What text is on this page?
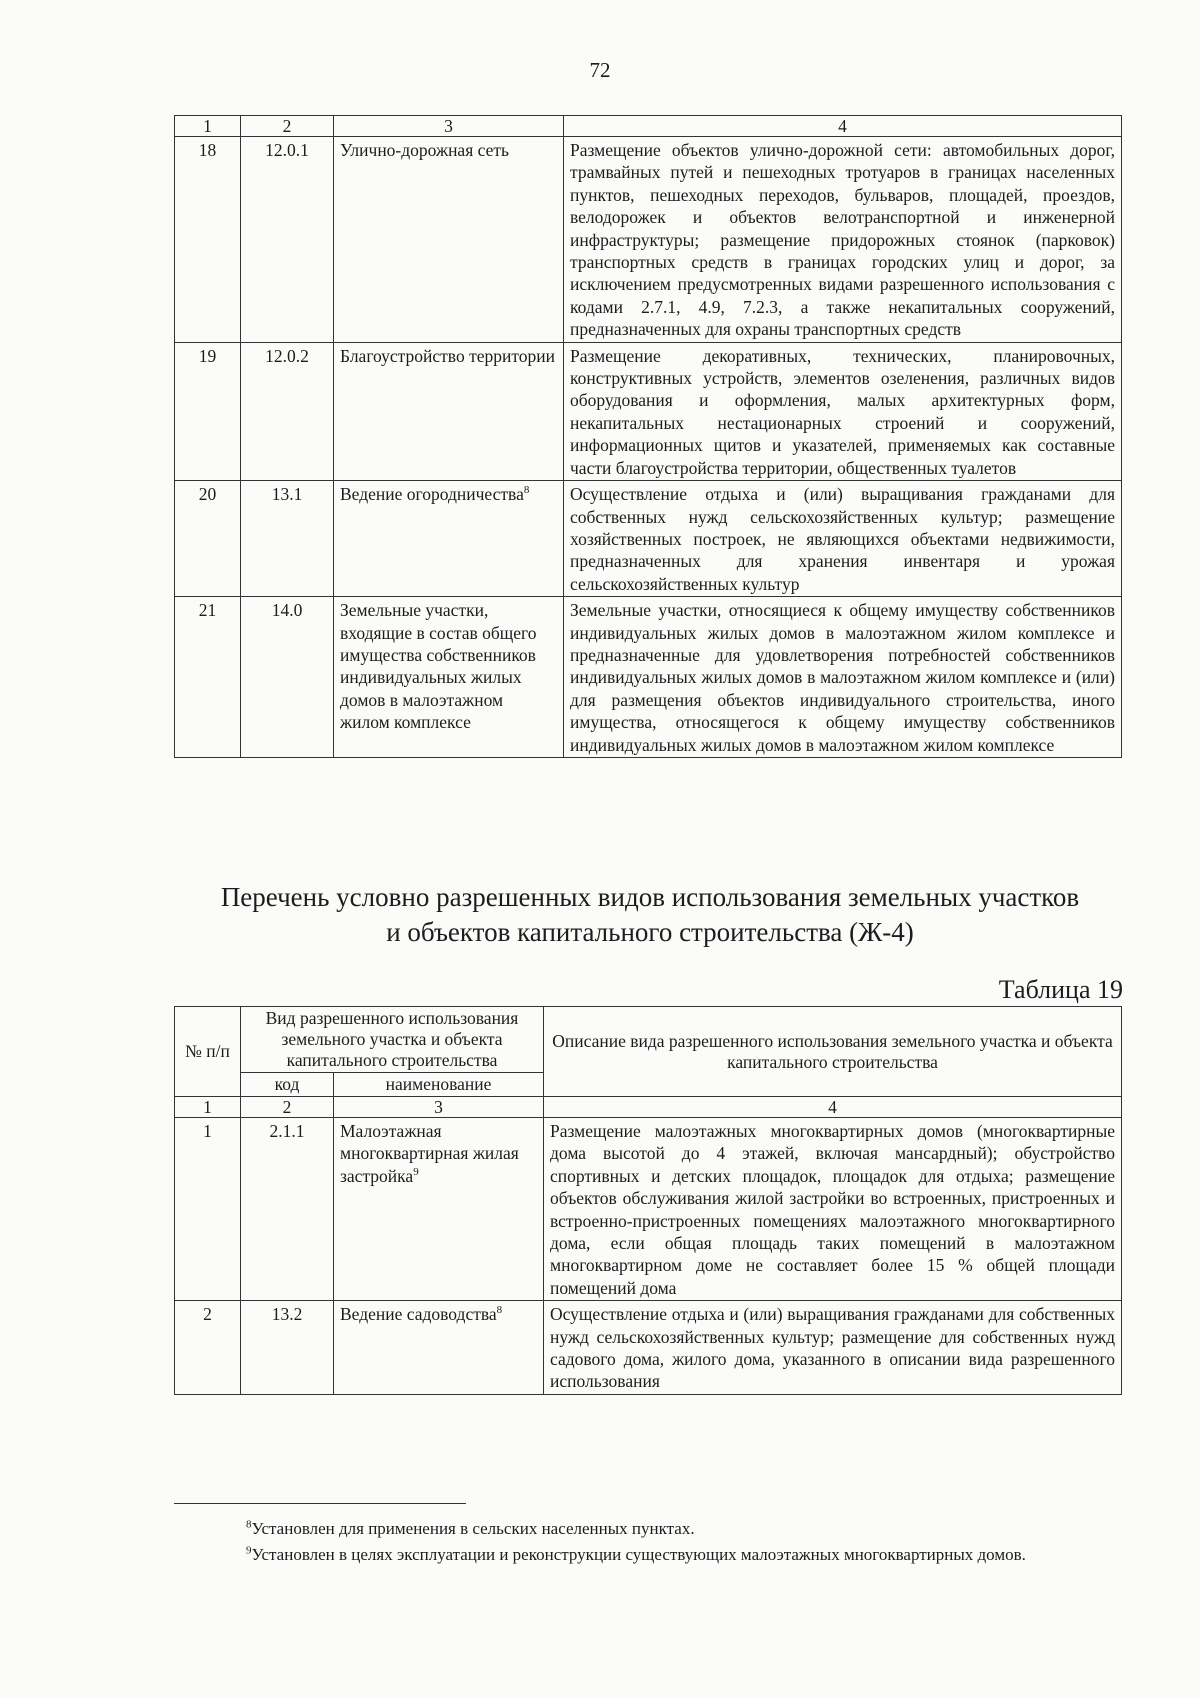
72
1	2	3	4
18	12.0.1	Улично-дорожная сеть	Размещение объектов улично-дорожной сети: автомобильных дорог, трамвайных путей и пешеходных тротуаров в границах населенных пунктов, пешеходных переходов, бульваров, площадей, проездов, велодорожек и объектов велотранспортной и инженерной инфраструктуры; размещение придорожных стоянок (парковок) транспортных средств в границах городских улиц и дорог, за исключением предусмотренных видами разрешенного использования с кодами 2.7.1, 4.9, 7.2.3, а также некапитальных сооружений, предназначенных для охраны транспортных средств
19	12.0.2	Благоустройство территории	Размещение декоративных, технических, планировочных, конструктивных устройств, элементов озеленения, различных видов оборудования и оформления, малых архитектурных форм, некапитальных нестационарных строений и сооружений, информационных щитов и указателей, применяемых как составные части благоустройства территории, общественных туалетов
20	13.1	Ведение огородничества$^8$	Осуществление отдыха и (или) выращивания гражданами для собственных нужд сельскохозяйственных культур; размещение хозяйственных построек, не являющихся объектами недвижимости, предназначенных для хранения инвентаря и урожая сельскохозяйственных культур
21	14.0	Земельные участки, входящие в состав общего имущества собственников индивидуальных жилых домов в малоэтажном жилом комплексе	Земельные участки, относящиеся к общему имуществу собственников индивидуальных жилых домов в малоэтажном жилом комплексе и предназначенные для удовлетворения потребностей собственников индивидуальных жилых домов в малоэтажном жилом комплексе и (или) для размещения объектов индивидуального строительства, иного имущества, относящегося к общему имуществу собственников индивидуальных жилых домов в малоэтажном жилом комплексе
Перечень условно разрешенных видов использования земельных участков
и объектов капитального строительства (Ж-4)
Таблица 19
№ п/п	Вид разрешенного использования земельного участка и объекта капитального строительства		Описание вида разрешенного использования земельного участка и объекта капитального строительства
	код	наименование	
1	2	3	4
1	2.1.1	Малоэтажная многоквартирная жилая застройка$^9$	Размещение малоэтажных многоквартирных домов (многоквартирные дома высотой до 4 этажей, включая мансардный); обустройство спортивных и детских площадок, площадок для отдыха; размещение объектов обслуживания жилой застройки во встроенных, пристроенных и встроенно-пристроенных помещениях малоэтажного многоквартирного дома, если общая площадь таких помещений в малоэтажном многоквартирном доме не составляет более 15 % общей площади помещений дома
2	13.2	Ведение садоводства$^8$	Осуществление отдыха и (или) выращивания гражданами для собственных нужд сельскохозяйственных культур; размещение для собственных нужд садового дома, жилого дома, указанного в описании вида разрешенного использования

$^8$Установлен для применения в сельских населенных пунктах.

$^9$Установлен в целях эксплуатации и реконструкции существующих малоэтажных многоквартирных домов.
